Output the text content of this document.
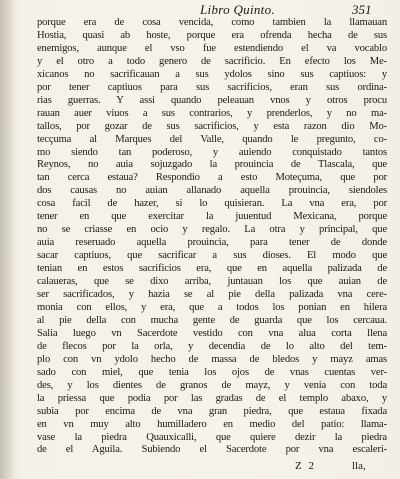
Libro Quinto.	351
porque era de cosa vencida, como tambien la llamauan
Hostia, quasi ab hoste, porque era ofrenda hecha de sus
enemigos, aunque el vso fue estendiendo el va vocablo
y el otro a todo genero de sacrificio. En efecto los Me-
xicanos no sacrificauan a sus ydolos sino sus captiuos: y
por tener captiuos para sus sacrificios, eran sus ordina-
rias guerras. Y assi quando peleauan vnos y otros procu
rauan auer viuos a sus contrarios, y prenderlos, y no ma-
tallos, por gozar de sus sacrificios, y esta razon dio Mo-
tecçuma al Marques del Valle, quando le pregunto, co-
mo siendo tan poderoso, y auiendo conquistado tantos
Reynos, no auia sojuzgado la prouincia de Tlascala, que
tan cerca estaua? Respondio a esto Moteçuma, que por
dos causas no auian allanado aquella prouincia, siendoles
cosa facil de hazer, si lo quisieran. La vna era, por
tener en que exercitar la juuentud Mexicana, porque
no se criasse en ocio y regalo. La otra y principal, que
auia reseruado aquella prouincia, para tener de donde
sacar captiuos, que sacrificar a sus dioses. El modo que
tenian en estos sacrificios era, que en aquella palizada de
calaueras, que se dixo arriba, juntauan los que auian de
ser sacrificados, y hazia se al pie della palizada vna cere-
monia con ellos, y era, que a todos los ponian en hilera
al pie della con mucha gente de guarda que los cercaua.
Salia luego vn Sacerdote vestido con vna alua corta llena
de flecos por la orla, y decendia de lo alto del tem-
plo con vn ydolo hecho de massa de bledos y mayz amas
sado con miel, que tenia los ojos de vnas cuentas ver-
des, y los dientes de granos de mayz, y venia con toda
la priessa que podia por las gradas de el templo abaxo, y
subia por encima de vna gran piedra, que estaua fixada
en vn muy alto humilladero en medio del patio: llama-
vase la piedra Quauxicalli, que quiere dezir la piedra
de el Aguila. Subiendo el Sacerdote por vna escaleri-
Z 2	lla,
